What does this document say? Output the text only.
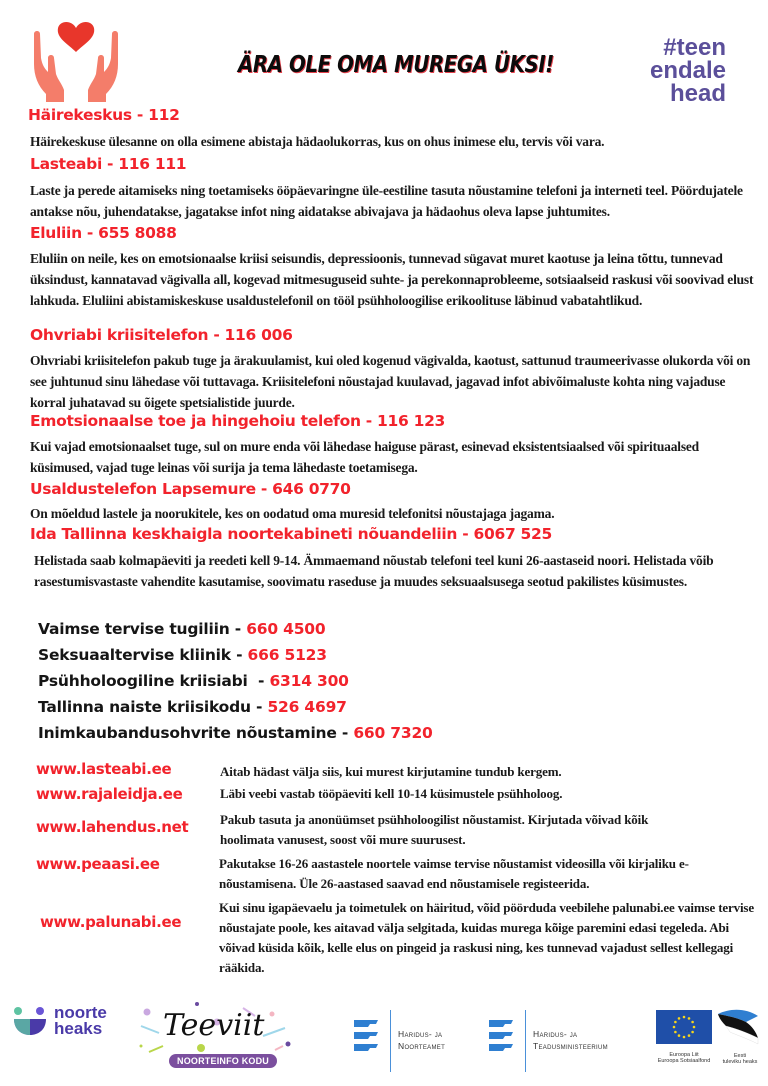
ÄRA OLE OMA MUREGA ÜKSI!
#teen
endale
head
Häirekeskus - 112
Häirekeskuse ülesanne on olla esimene abistaja hädaolukorras, kus on ohus inimese elu, tervis või vara.
Lasteabi - 116 111
Laste ja perede aitamiseks ning toetamiseks ööpäevaringne üle-eestiline tasuta nõustamine telefoni ja interneti teel. Pöördujatele antakse nõu, juhendatakse, jagatakse infot ning aidatakse abivajava ja hädaohus oleva lapse juhtumites.
Eluliin - 655 8088
Eluliin on neile, kes on emotsionaalse kriisi seisundis, depressioonis, tunnevad sügavat muret kaotuse ja leina tõttu, tunnevad üksindust, kannatavad vägivalla all, kogevad mitmesuguseid suhte- ja perekonnaprobleeme, sotsiaalseid raskusi või soovivad elust lahkuda. Eluliini abistamiskeskuse usaldustelefonil on tööl psühholoogilise erikoolituse läbinud vabatahtlikud.
Ohvriabi kriisitelefon - 116 006
Ohvriabi kriisitelefon pakub tuge ja ärakuulamist, kui oled kogenud vägivalda, kaotust, sattunud traumeerivasse olukorda või on see juhtunud sinu lähedase või tuttavaga. Kriisitelefoni nõustajad kuulavad, jagavad infot abivõimaluste kohta ning vajaduse korral juhatavad su õigete spetsialistide juurde.
Emotsionaalse toe ja hingehoiu telefon - 116 123
Kui vajad emotsionaalset tuge, sul on mure enda või lähedase haiguse pärast, esinevad eksistentsiaalsed või spirituaalsed küsimused, vajad tuge leinas või surija ja tema lähedaste toetamisega.
Usaldustelefon Lapsemure - 646 0770
On mõeldud lastele ja noorukitele, kes on oodatud oma muresid telefonitsi nõustajaga jagama.
Ida Tallinna keskhaigla noortekabineti nõuandeliin - 6067 525
Helistada saab kolmapäeviti ja reedeti kell 9-14. Ämmaemand nõustab telefoni teel kuni 26-aastaseid noori. Helistada võib rasestumisvastaste vahendite kasutamise, soovimatu raseduse ja muudes seksuaalsusega seotud pakilistes küsimustes.
Vaimse tervise tugiliin - 660 4500
Seksuaaltervise kliinik - 666 5123
Psühholoogiline kriisiabi  - 6314 300
Tallinna naiste kriisikodu - 526 4697
Inimkaubandusohvrite nõustamine - 660 7320
www.lasteabi.ee	Aitab hädast välja siis, kui murest kirjutamine tundub kergem.
www.rajaleidja.ee	Läbi veebi vastab tööpäeviti kell 10-14 küsimustele psühholoog.
www.lahendus.net Pakub tasuta ja anonüümset psühholoogilist nõustamist. Kirjutada võivad kõik hoolimata vanusest, soost või mure suurusest.
www.peaasi.ee	Pakutakse 16-26 aastastele noortele vaimse tervise nõustamist videosilla või kirjaliku e-nõustamisena. Üle 26-aastased saavad end nõustamisele registeerida.
www.palunabi.ee
Kui sinu igapäevaelu ja toimetulek on häiritud, võid pöörduda veebilehe palunabi.ee vaimse tervise nõustajate poole, kes aitavad välja selgitada, kuidas murega kõige paremini edasi tegeleda. Abi võivad küsida kõik, kelle elus on pingeid ja raskusi ning, kes tunnevad vajadust sellest kellegagi rääkida.
noorte
heaks Teeviit
NOORTEINFO KODU
Haridus- ja
Noorteamet
Haridus- ja
Teadusministeerium
Euroopa Liit
Euroopa Sotsiaalfond
Eesti
tuleviku heaks
